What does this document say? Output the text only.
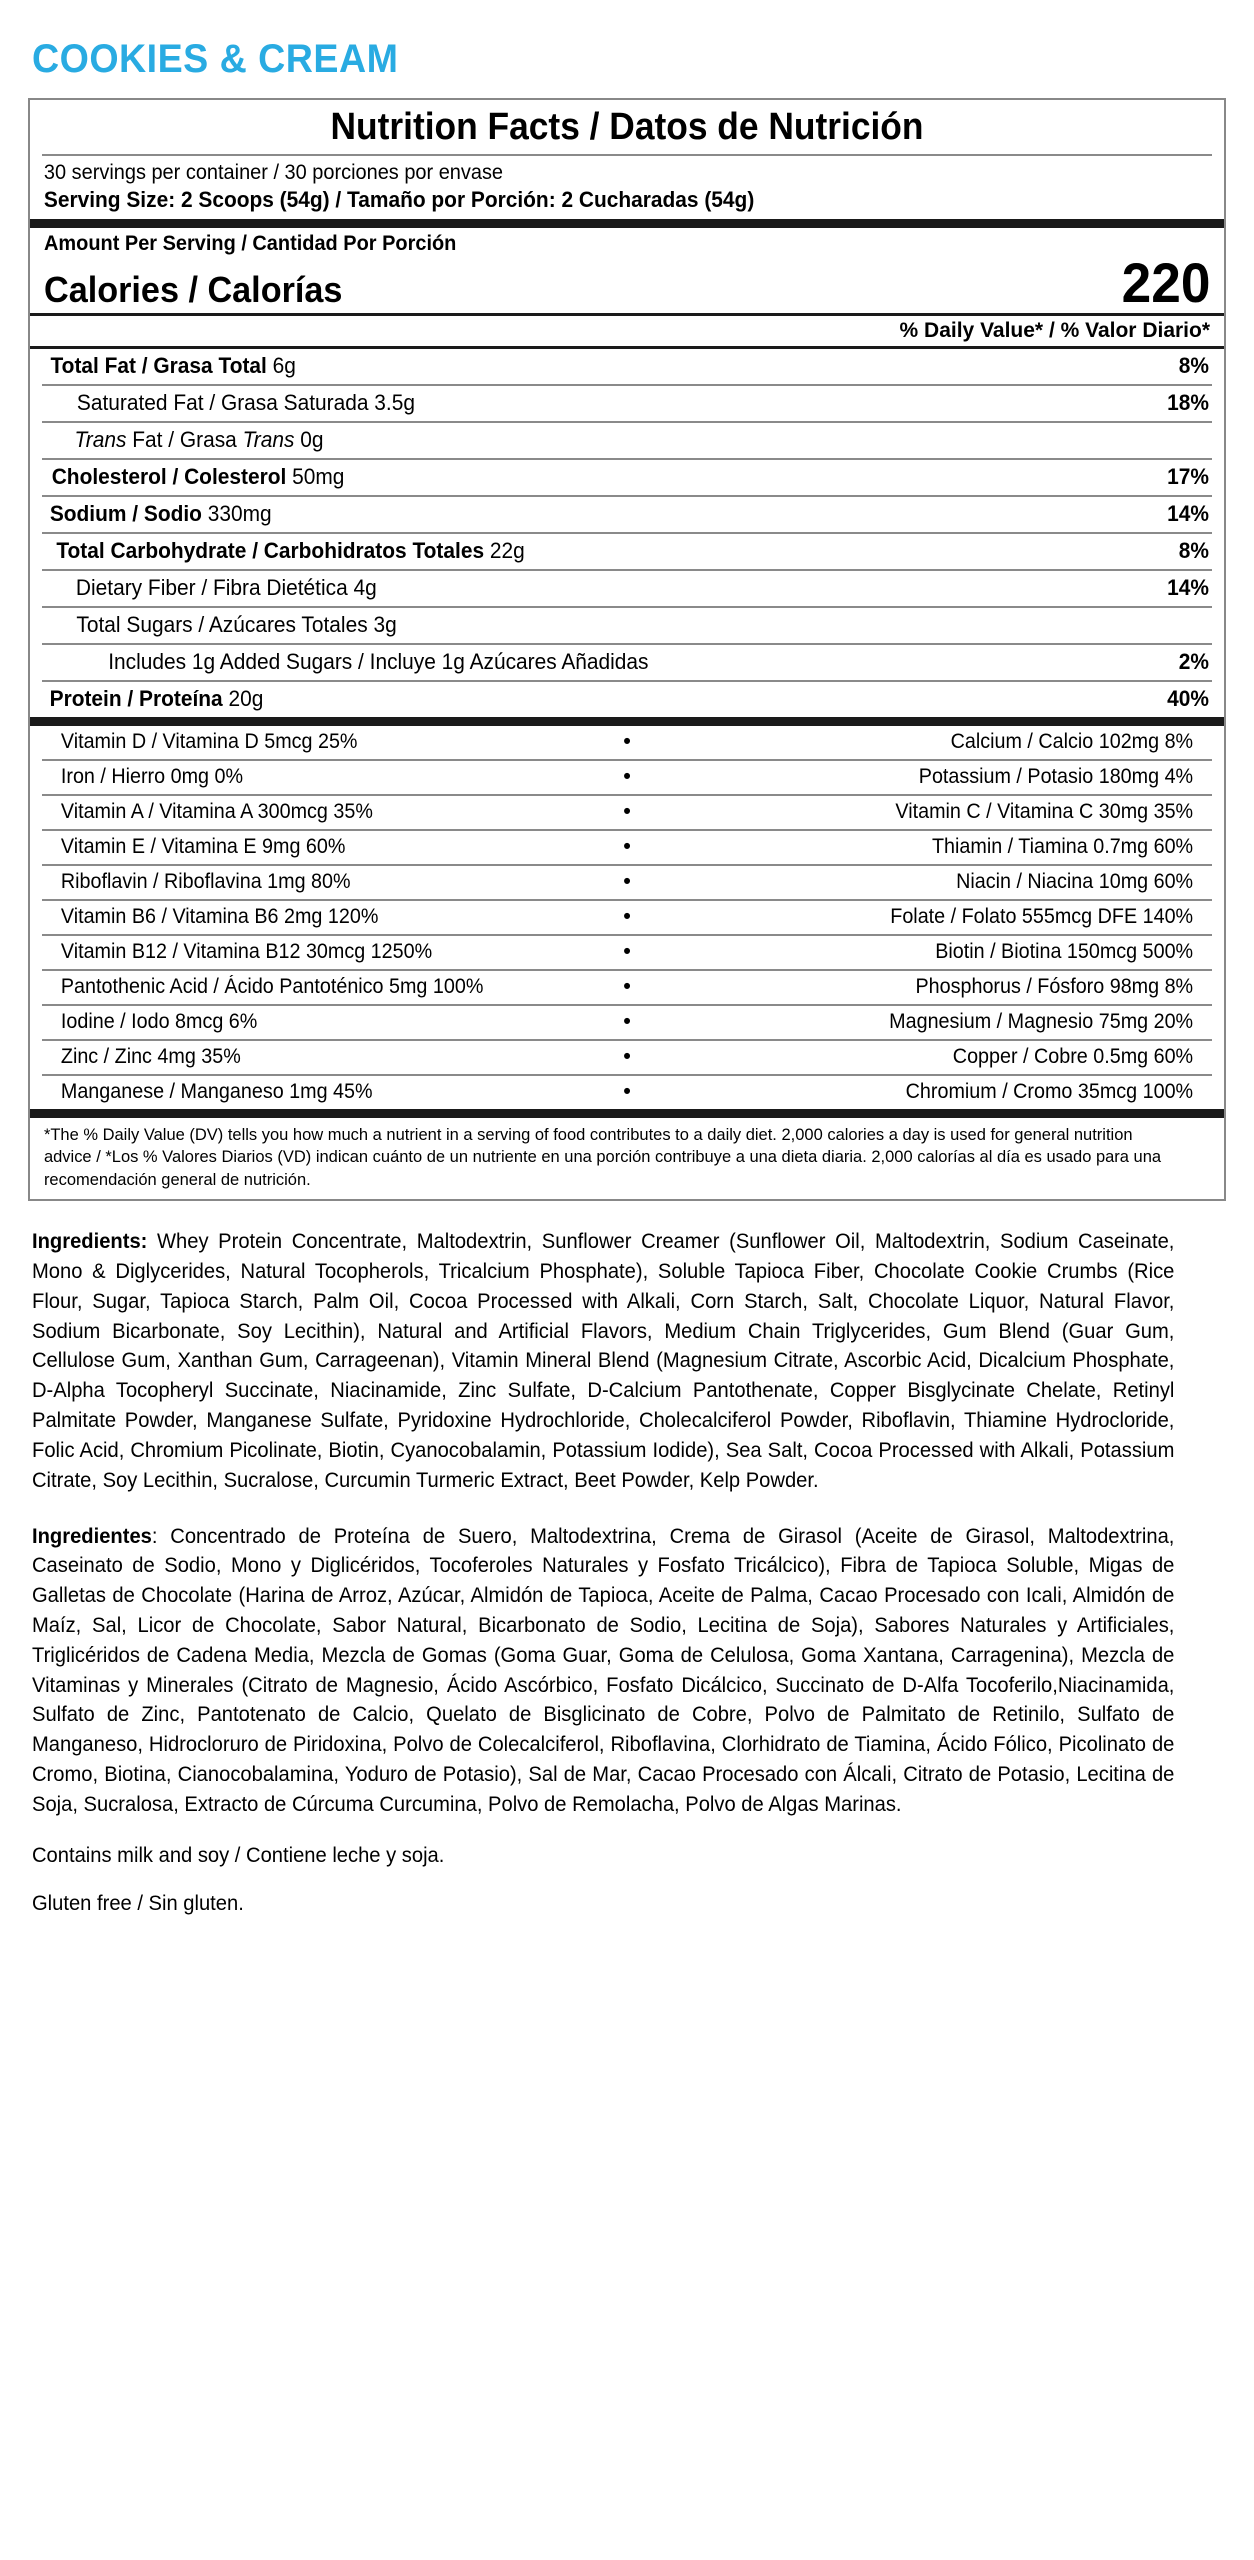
COOKIES & CREAM
Nutrition Facts / Datos de Nutrición
30 servings per container / 30 porciones por envase
Serving Size: 2 Scoops (54g) / Tamaño por Porción: 2 Cucharadas (54g)
Amount Per Serving / Cantidad Por Porción
Calories / Calorías	220
% Daily Value* / % Valor Diario*
Total Fat / Grasa Total 6g	8%
Saturated Fat / Grasa Saturada 3.5g	18%
Trans Fat / Grasa Trans 0g
Cholesterol / Colesterol 50mg	17%
Sodium / Sodio 330mg	14%
Total Carbohydrate / Carbohidratos Totales 22g	8%
Dietary Fiber / Fibra Dietética 4g	14%
Total Sugars / Azúcares Totales 3g
Includes 1g Added Sugars / Incluye 1g Azúcares Añadidas	2%
Protein / Proteína 20g	40%
Vitamin D / Vitamina D 5mcg 25%	•	Calcium / Calcio 102mg 8%
Iron / Hierro 0mg 0%	•	Potassium / Potasio 180mg 4%
Vitamin A / Vitamina A 300mcg 35%	•	Vitamin C / Vitamina C 30mg 35%
Vitamin E / Vitamina E 9mg 60%	•	Thiamin / Tiamina 0.7mg 60%
Riboflavin / Riboflavina 1mg 80%	•	Niacin / Niacina 10mg 60%
Vitamin B6 / Vitamina B6 2mg 120%	•	Folate / Folato 555mcg DFE 140%
Vitamin B12 / Vitamina B12 30mcg 1250%	•	Biotin / Biotina 150mcg 500%
Pantothenic Acid / Ácido Pantoténico 5mg 100%	•	Phosphorus / Fósforo 98mg 8%
Iodine / Iodo 8mcg 6%	•	Magnesium / Magnesio 75mg 20%
Zinc / Zinc 4mg 35%	•	Copper / Cobre 0.5mg 60%
Manganese / Manganeso 1mg 45%	•	Chromium / Cromo 35mcg 100%
*The % Daily Value (DV) tells you how much a nutrient in a serving of food contributes to a daily diet. 2,000 calories a day is used for general nutrition advice / *Los % Valores Diarios (VD) indican cuánto de un nutriente en una porción contribuye a una dieta diaria. 2,000 calorías al día es usado para una recomendación general de nutrición.

Ingredients: Whey Protein Concentrate, Maltodextrin, Sunflower Creamer (Sunflower Oil, Maltodextrin, Sodium Caseinate, Mono & Diglycerides, Natural Tocopherols, Tricalcium Phosphate), Soluble Tapioca Fiber, Chocolate Cookie Crumbs (Rice Flour, Sugar, Tapioca Starch, Palm Oil, Cocoa Processed with Alkali, Corn Starch, Salt, Chocolate Liquor, Natural Flavor, Sodium Bicarbonate, Soy Lecithin), Natural and Artificial Flavors, Medium Chain Triglycerides, Gum Blend (Guar Gum, Cellulose Gum, Xanthan Gum, Carrageenan), Vitamin Mineral Blend (Magnesium Citrate, Ascorbic Acid, Dicalcium Phosphate, D-Alpha Tocopheryl Succinate, Niacinamide, Zinc Sulfate, D-Calcium Pantothenate, Copper Bisglycinate Chelate, Retinyl Palmitate Powder, Manganese Sulfate, Pyridoxine Hydrochloride, Cholecalciferol Powder, Riboflavin, Thiamine Hydrocloride, Folic Acid, Chromium Picolinate, Biotin, Cyanocobalamin, Potassium Iodide), Sea Salt, Cocoa Processed with Alkali, Potassium Citrate, Soy Lecithin, Sucralose, Curcumin Turmeric Extract, Beet Powder, Kelp Powder.

Ingredientes: Concentrado de Proteína de Suero, Maltodextrina, Crema de Girasol (Aceite de Girasol, Maltodextrina, Caseinato de Sodio, Mono y Diglicéridos, Tocoferoles Naturales y Fosfato Tricálcico), Fibra de Tapioca Soluble, Migas de Galletas de Chocolate (Harina de Arroz, Azúcar, Almidón de Tapioca, Aceite de Palma, Cacao Procesado con Icali, Almidón de Maíz, Sal, Licor de Chocolate, Sabor Natural, Bicarbonato de Sodio, Lecitina de Soja), Sabores Naturales y Artificiales, Triglicéridos de Cadena Media, Mezcla de Gomas (Goma Guar, Goma de Celulosa, Goma Xantana, Carragenina), Mezcla de Vitaminas y Minerales (Citrato de Magnesio, Ácido Ascórbico, Fosfato Dicálcico, Succinato de D-Alfa Tocoferilo,Niacinamida, Sulfato de Zinc, Pantotenato de Calcio, Quelato de Bisglicinato de Cobre, Polvo de Palmitato de Retinilo, Sulfato de Manganeso, Hidrocloruro de Piridoxina, Polvo de Colecalciferol, Riboflavina, Clorhidrato de Tiamina, Ácido Fólico, Picolinato de Cromo, Biotina, Cianocobalamina, Yoduro de Potasio), Sal de Mar, Cacao Procesado con Álcali, Citrato de Potasio, Lecitina de Soja, Sucralosa, Extracto de Cúrcuma Curcumina, Polvo de Remolacha, Polvo de Algas Marinas.

Contains milk and soy / Contiene leche y soja.

Gluten free / Sin gluten.
